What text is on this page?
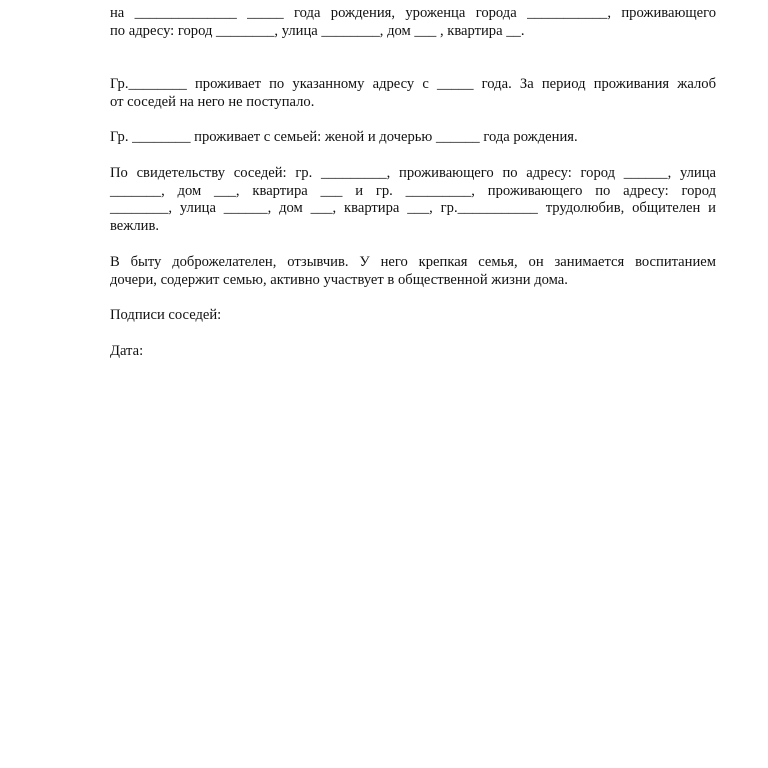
на ______________ _____ года рождения, уроженца города ___________, проживающего
по адресу: город ________, улица ________, дом ___ , квартира __.

Гр.________ проживает по указанному адресу с _____ года. За период проживания жалоб
от соседей на него не поступало.

Гр. ________ проживает с семьей: женой и дочерью ______ года рождения.

По свидетельству соседей: гр. _________, проживающего по адресу: город ______, улица
_______, дом ___, квартира ___ и гр. _________, проживающего по адресу: город
________, улица ______, дом ___, квартира ___, гр.___________ трудолюбив, общителен и
вежлив.

В быту доброжелателен, отзывчив. У него крепкая семья, он занимается воспитанием
дочери, содержит семью, активно участвует в общественной жизни дома.

Подписи соседей:

Дата:
